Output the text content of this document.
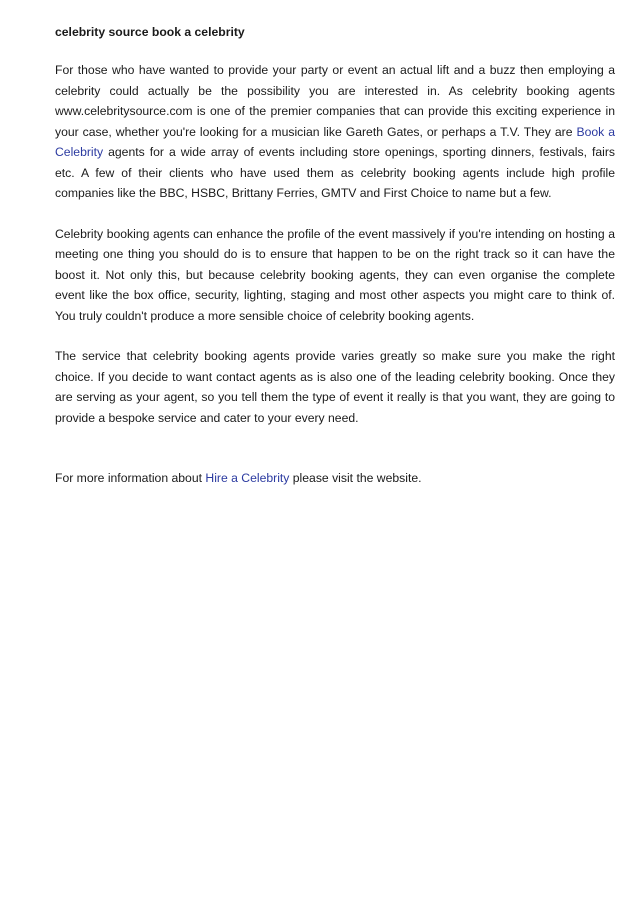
celebrity source book a celebrity

For those who have wanted to provide your party or event an actual lift and a buzz then employing a celebrity could actually be the possibility you are interested in. As celebrity booking agents www.celebritysource.com is one of the premier companies that can provide this exciting experience in your case, whether you're looking for a musician like Gareth Gates, or perhaps a T.V. They are Book a Celebrity agents for a wide array of events including store openings, sporting dinners, festivals, fairs etc. A few of their clients who have used them as celebrity booking agents include high profile companies like the BBC, HSBC, Brittany Ferries, GMTV and First Choice to name but a few.

Celebrity booking agents can enhance the profile of the event massively if you're intending on hosting a meeting one thing you should do is to ensure that happen to be on the right track so it can have the boost it. Not only this, but because celebrity booking agents, they can even organise the complete event like the box office, security, lighting, staging and most other aspects you might care to think of. You truly couldn't produce a more sensible choice of celebrity booking agents.

The service that celebrity booking agents provide varies greatly so make sure you make the right choice. If you decide to want contact agents as is also one of the leading celebrity booking. Once they are serving as your agent, so you tell them the type of event it really is that you want, they are going to provide a bespoke service and cater to your every need.

For more information about Hire a Celebrity please visit the website.
